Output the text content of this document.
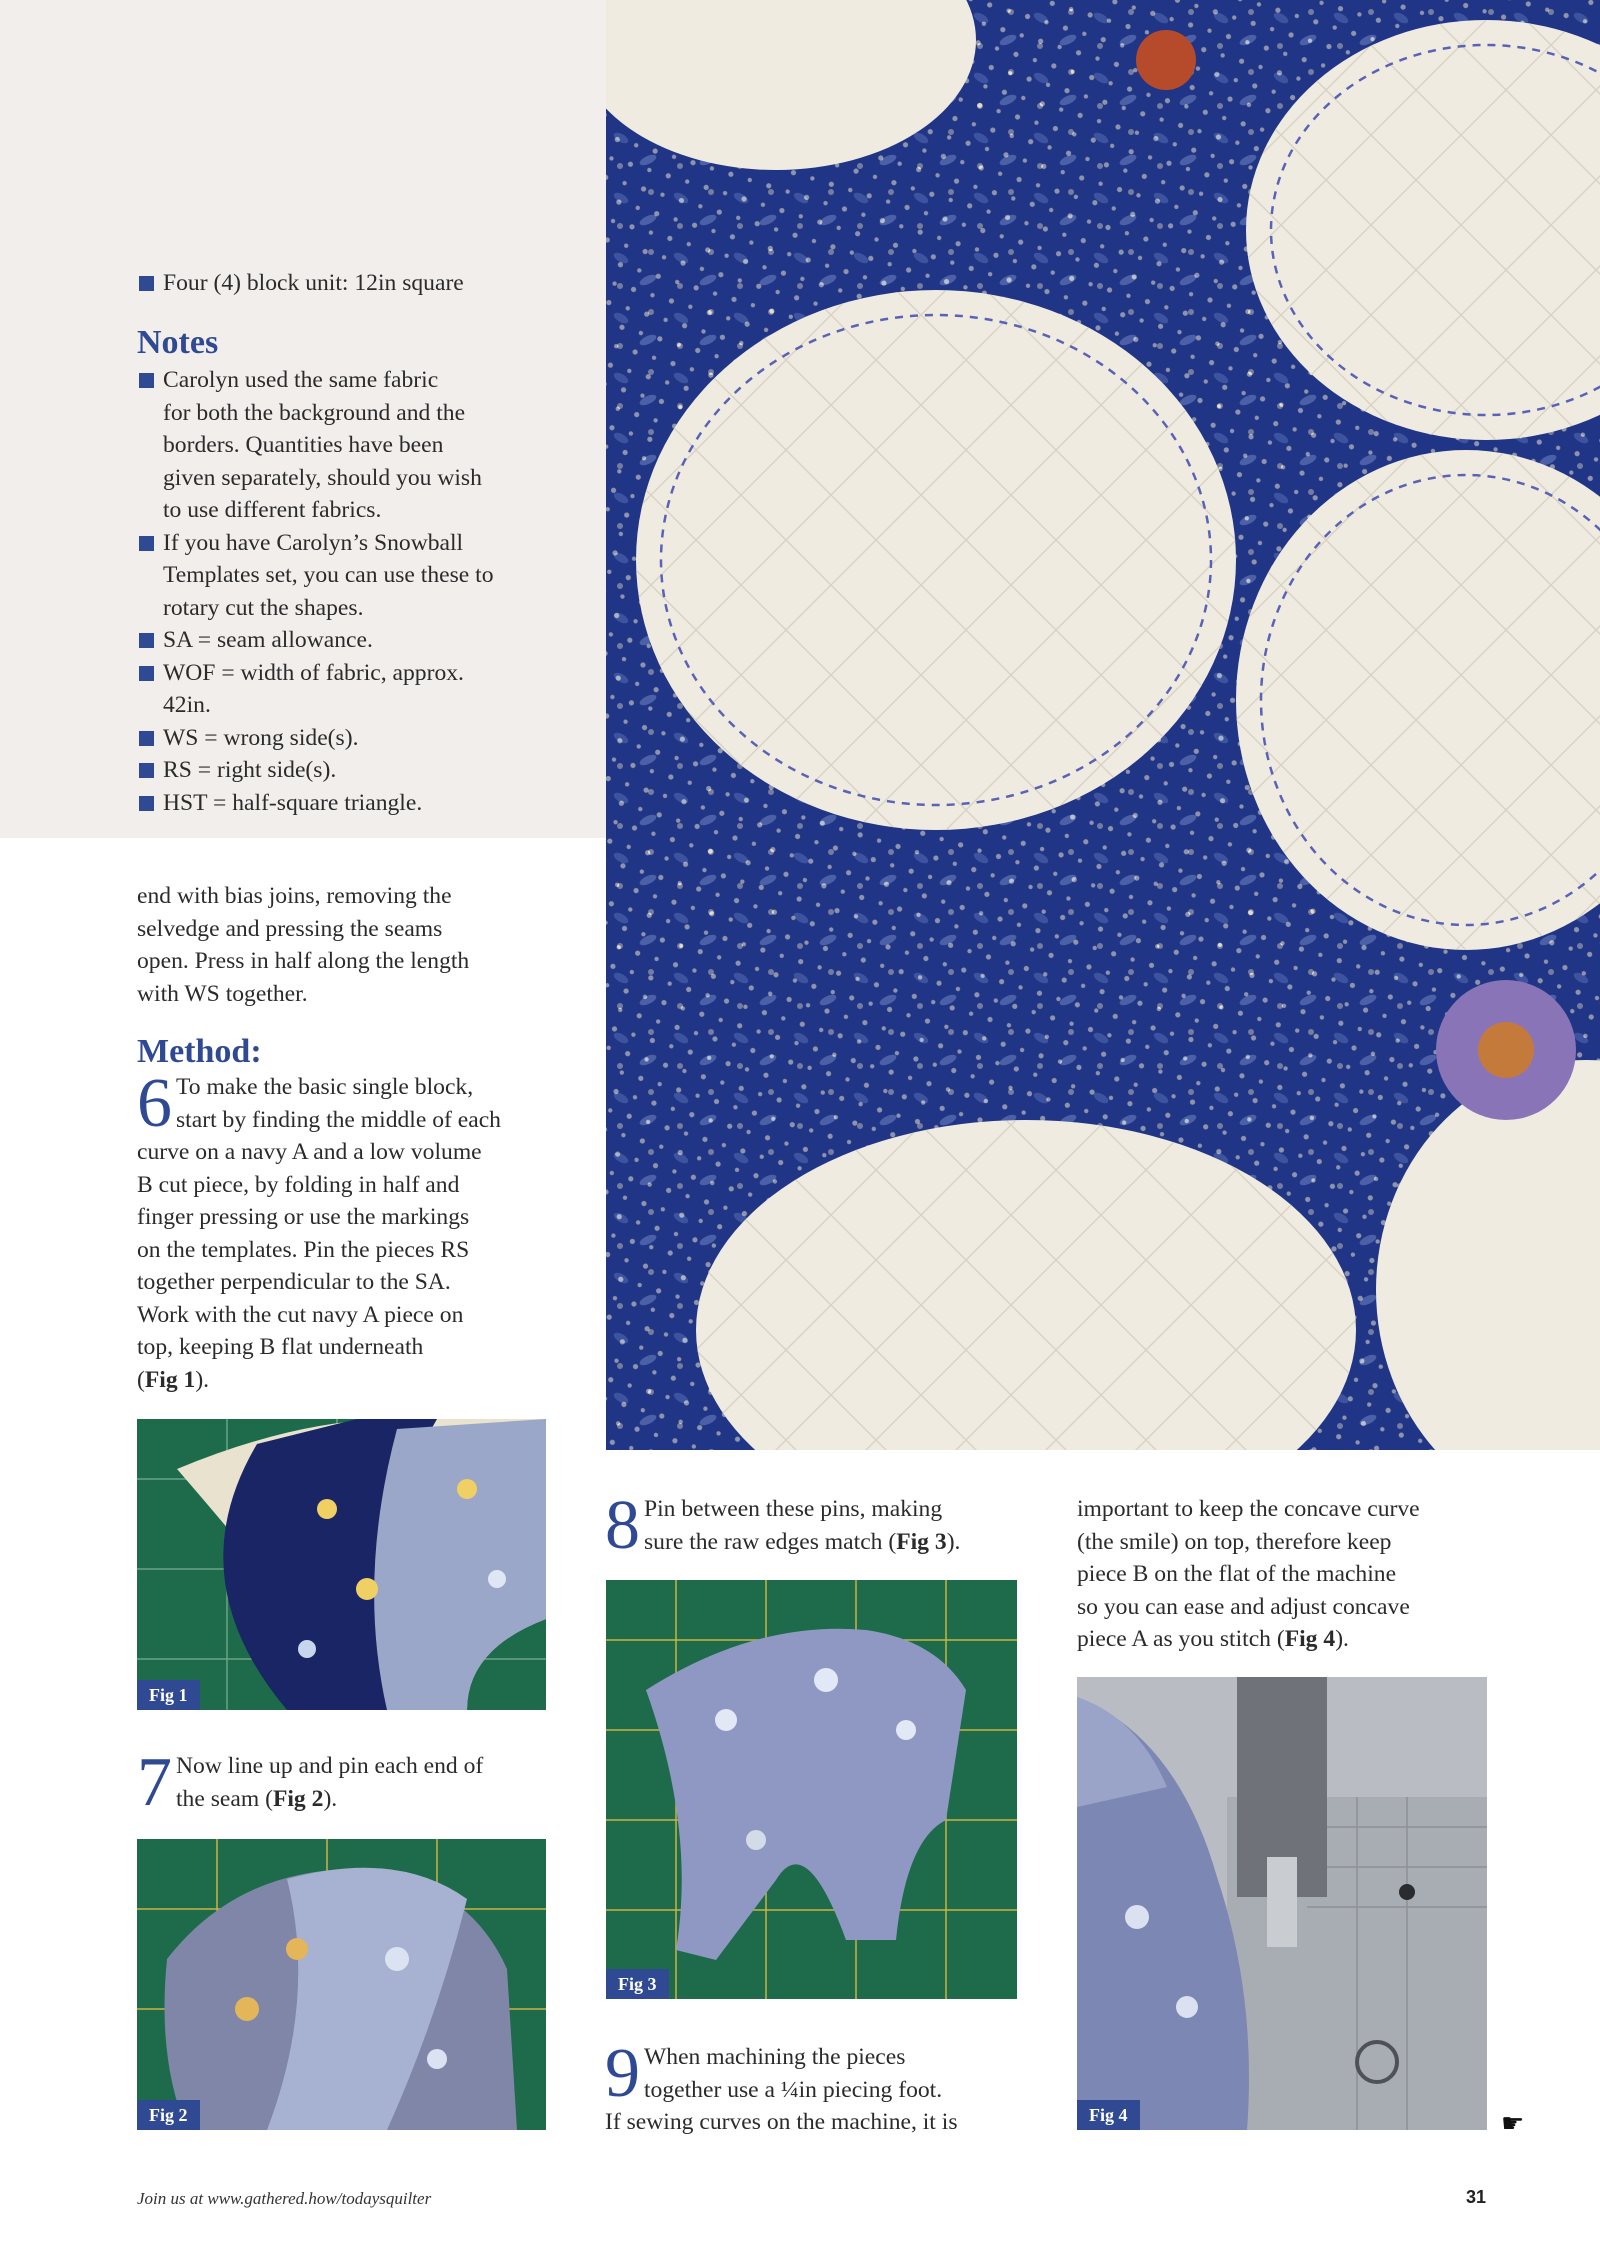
Four (4) block unit: 12in square
Notes
Carolyn used the same fabric
for both the background and the
borders. Quantities have been
given separately, should you wish
to use different fabrics.
If you have Carolyn’s Snowball
Templates set, you can use these to
rotary cut the shapes.
SA = seam allowance.
WOF = width of fabric, approx.
42in.
WS = wrong side(s).
RS = right side(s).
HST = half-square triangle.
end with bias joins, removing the
selvedge and pressing the seams
open. Press in half along the length
with WS together.
Method:
6 To make the basic single block,
start by finding the middle of each
curve on a navy A and a low volume
B cut piece, by folding in half and
finger pressing or use the markings
on the templates. Pin the pieces RS
together perpendicular to the SA.
Work with the cut navy A piece on
top, keeping B flat underneath
(Fig 1).
7 Now line up and pin each end of
the seam (Fig 2).
8 Pin between these pins, making
sure the raw edges match (Fig 3).
9 When machining the pieces
together use a ¼in piecing foot.
If sewing curves on the machine, it is
important to keep the concave curve
(the smile) on top, therefore keep
piece B on the flat of the machine
so you can ease and adjust concave
piece A as you stitch (Fig 4).
Fig 1
Fig 2
Fig 3
Fig 4	☛
Join us at www.gathered.how/todaysquilter	31
